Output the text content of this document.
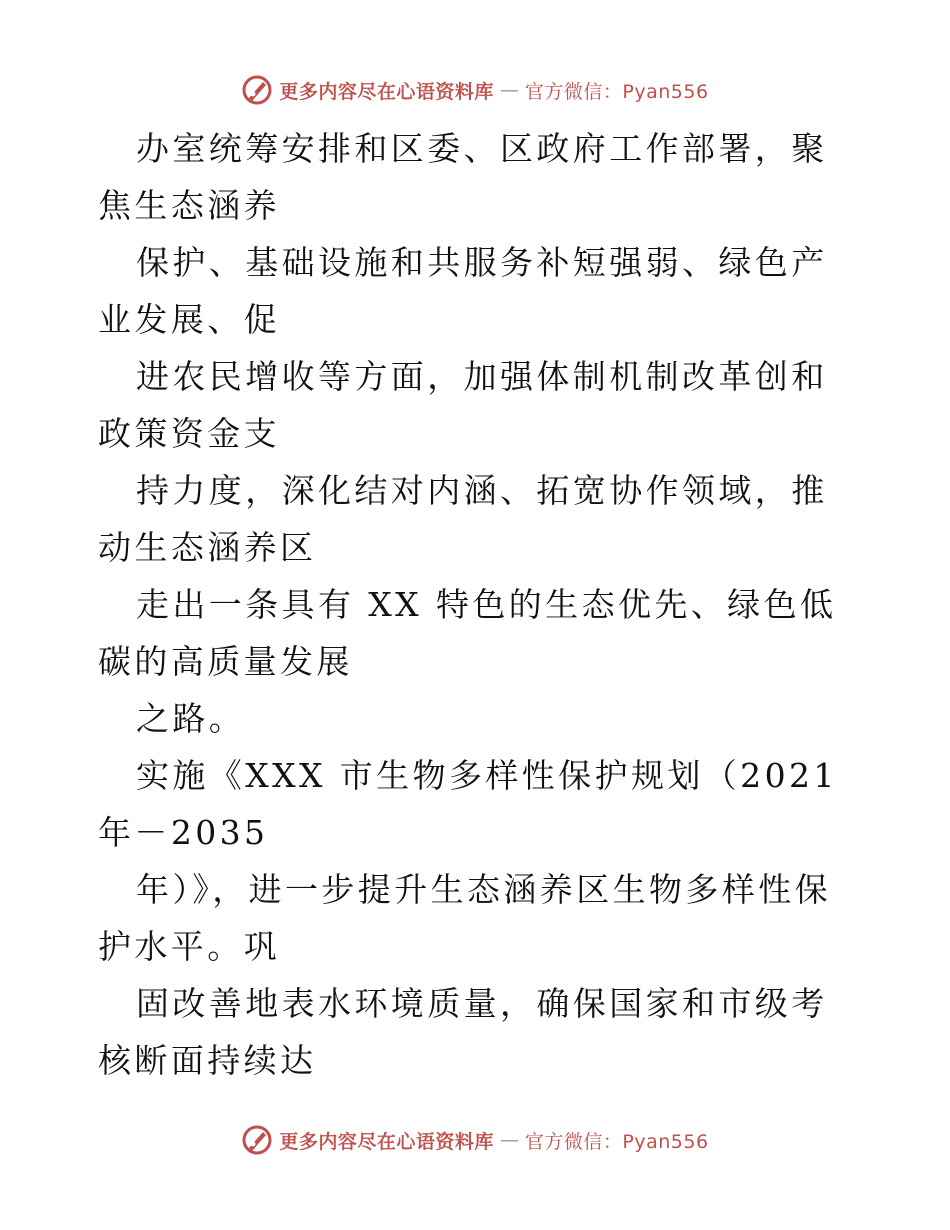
更多内容尽在心语资料库 — 官方微信：Pyan556

办室统筹安排和区委、区政府工作部署，聚焦生态涵养

保护、基础设施和共服务补短强弱、绿色产业发展、促

进农民增收等方面，加强体制机制改革创和政策资金支

持力度，深化结对内涵、拓宽协作领域，推动生态涵养区

走出一条具有 XX 特色的生态优先、绿色低碳的高质量发展

之路。

实施《XXX 市生物多样性保护规划（2021 年－2035

年）》，进一步提升生态涵养区生物多样性保护水平。巩

固改善地表水环境质量，确保国家和市级考核断面持续达

更多内容尽在心语资料库 — 官方微信：Pyan556
